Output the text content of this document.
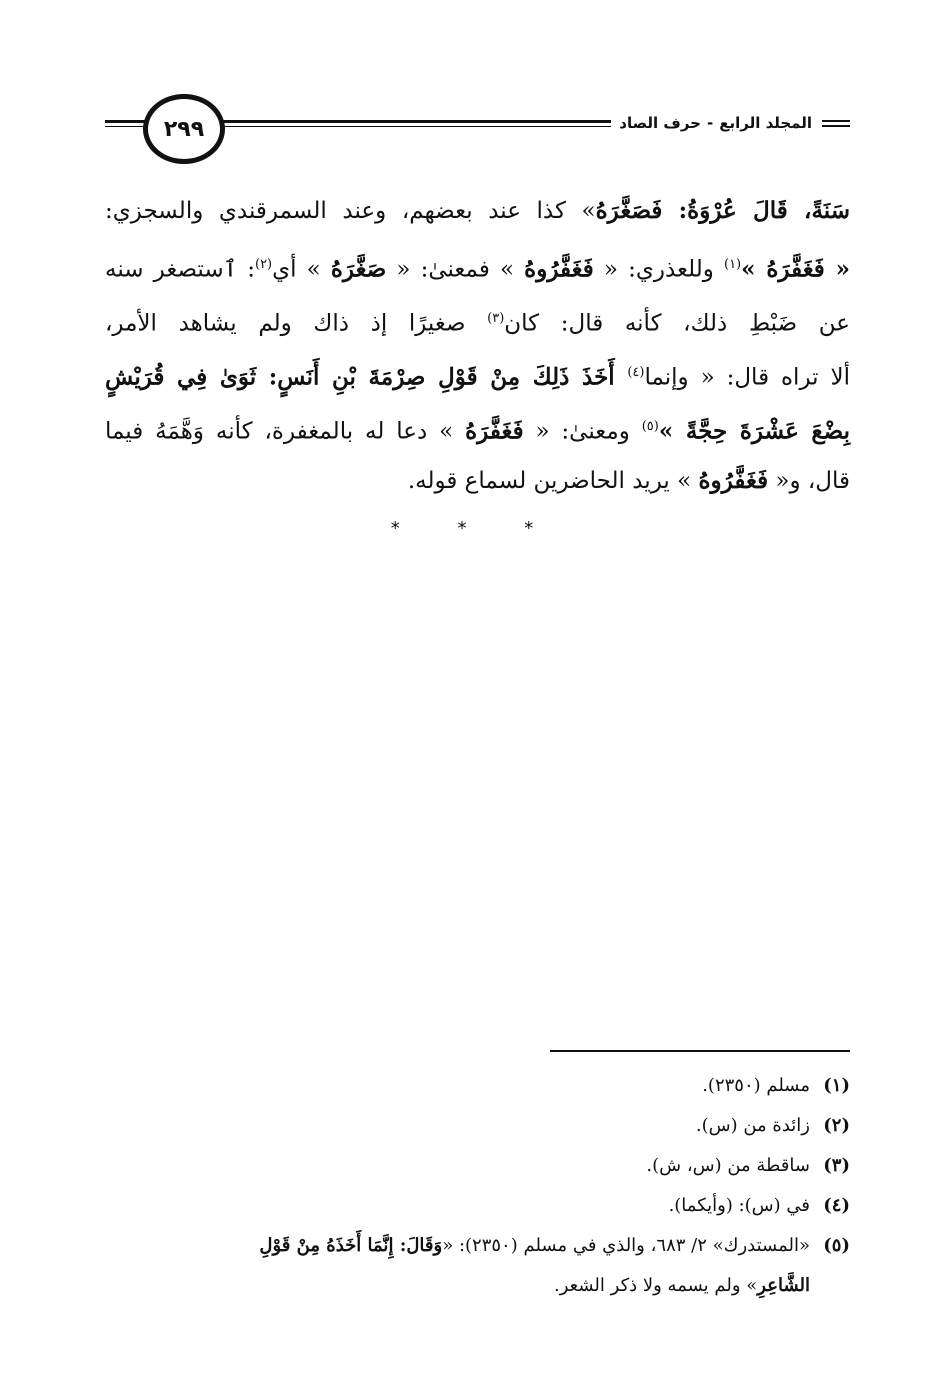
٢٩٩	المجلد الرابع-حرف الصاد
سَنَةً، قَالَ عُرْوَةُ: فَصَغَّرَهُ» كذا عند بعضهم، وعند السمرقندي والسجزي:
« فَغَفَّرَهُ »$^{(١)}$ وللعذري: « فَغَفَّرُوهُ » فمعنىٰ: « صَغَّرَهُ » أي$^{(٢)}$: ٱستصغر سنه
عن ضَبْطِ ذلك، كأنه قال: كان$^{(٣)}$ صغيرًا إذ ذاك ولم يشاهد الأمر،
ألا تراه قال: « وإنما$^{(٤)}$ أَخَذَ ذَلِكَ مِنْ قَوْلِ صِرْمَةَ بْنِ أَنَسٍ: ثَوَىٰ فِي قُرَيْشٍ
بِضْعَ عَشْرَةَ حِجَّةً »$^{(٥)}$ ومعنىٰ: « فَغَفَّرَهُ » دعا له بالمغفرة، كأنه وَهَّمَهُ فيما
قال، و« فَغَفَّرُوهُ » يريد الحاضرين لسماع قوله.
* * *
(١)
مسلم (٢٣٥٠).
(٢)
زائدة من (س).
(٣)
ساقطة من (س، ش).
(٤)
في (س): (وأيكما).
(٥)
«المستدرك» ٢/ ٦٨٣، والذي في مسلم (٢٣٥٠): «وَقَالَ: إِنَّمَا أَخَذَهُ مِنْ قَوْلِ
الشَّاعِرِ» ولم يسمه ولا ذكر الشعر.
